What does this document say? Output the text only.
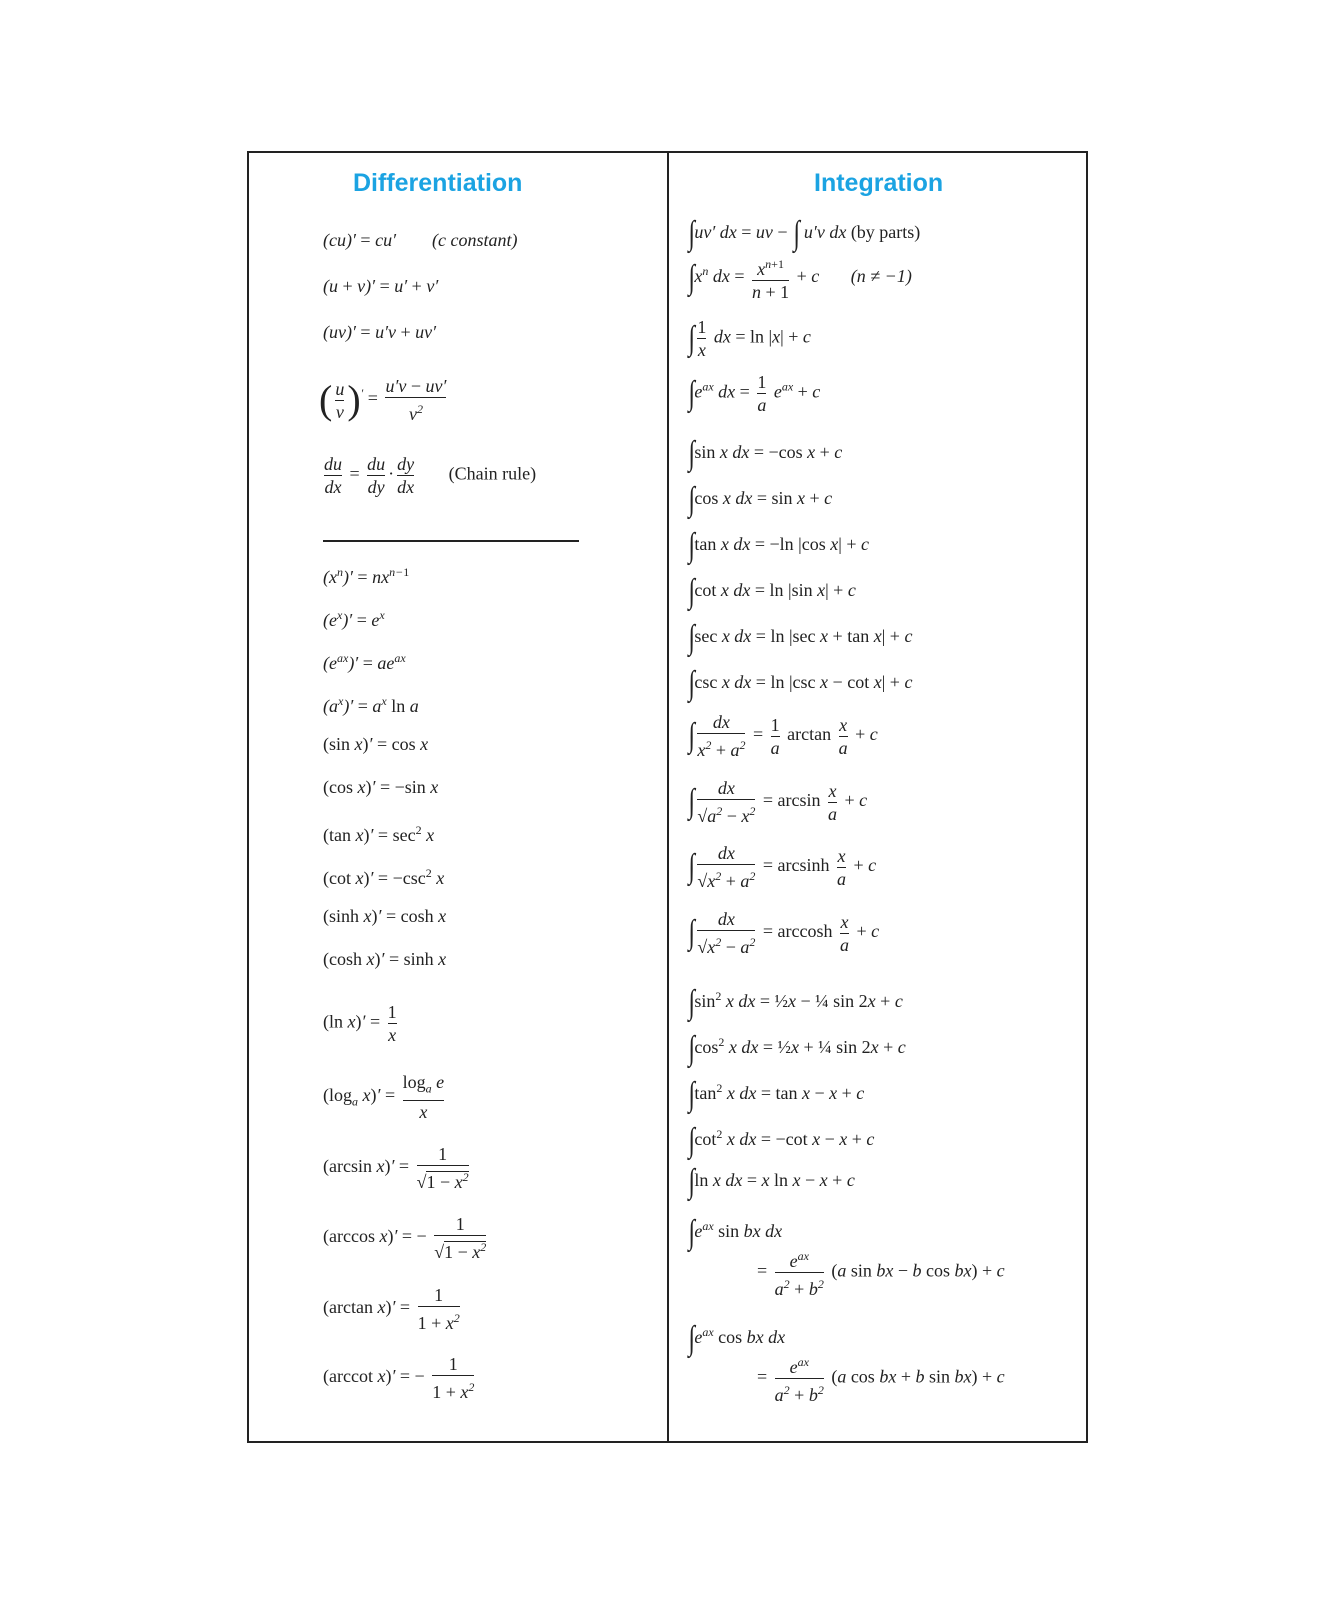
Differentiation
(cu)′ = cu′        (c constant)
(u + v)′ = u′ + v′
(uv)′ = u′v + uv′
( $\frac{u}{v} )' = \frac{u'v - uv'}{v^2}$
$\frac{du}{dx} = \frac{du}{dy} \cdot \frac{dy}{dx}$ (Chain rule)
$(x^n)' = nx^{n-1}$
$(e^x)' = e^x$
$(e^{ax})' = ae^{ax}$
$(a^x)' = a^x$ ln a
(sin x)′ = cos x
(cos x)′ = −sin x
(tan $x)' = \sec^2 x$
(cot $x)' = -\csc^2$ x
(sinh x)′ = cosh x
(cosh x)′ = sinh x
(ln $x)' = \frac{1}{x}$
($\log_a$ $x)' = \frac{\log_a e}{x}$
(arcsin $x)' = \frac{1}{√1 - x^2}$
(arccos x)′ = − $\frac{1}{√1 - x^2}$
(arctan $x)' = \frac{1}{1 + x^2}$
(arccot x)′ = − $\frac{1}{1 + x^2}$
Integration
∫uv′ dx = uv − ∫ u′v dx (by parts)
$\int x^n$ dx = $\frac{x^{n+1}}{n + 1} + c$       (n ≠ −1)
∫ $\frac{1}{x}$ dx = ln |x| + c
$\int e^{ax}$ dx = $\frac{1}{a} e^{ax} + c$
∫sin x dx = −cos x + c
∫cos x dx = sin x + c
∫tan x dx = −ln |cos x| + c
∫cot x dx = ln |sin x| + c
∫sec x dx = ln |sec x + tan x| + c
∫csc x dx = ln |csc x − cot x| + c
∫ $\frac{dx}{x^2 + a^2} = \frac{1}{a}$ $\arctan \frac{x}{a} + c$
∫ $\frac{dx}{√a^2 - x^2} = \arcsin \frac{x}{a} + c$
∫ $\frac{dx}{√x^2 + a^2} = \arcsin h \frac{x}{a} + c$
∫ $\frac{dx}{√x^2 - a^2} = \arccos h \frac{x}{a} + c$
$\int\sin^2$ x dx = ½x − ¼ sin 2x + c
$\int\cos^2$ x dx = ½x + ¼ sin 2x + c
$\int\tan^2$ x dx = tan x − x + c
$\int\cot^2$ x dx = −cot x − x + c
∫ln x dx = x ln x − x + c
$\int e^{ax}$ sin bx dx
= $\frac{e^{ax}}{a^2 + b^2} (a$ sin bx − b cos bx) + c
$\int e^{ax}$ cos bx dx
= $\frac{e^{ax}}{a^2 + b^2} (a$ cos bx + b sin bx) + c
